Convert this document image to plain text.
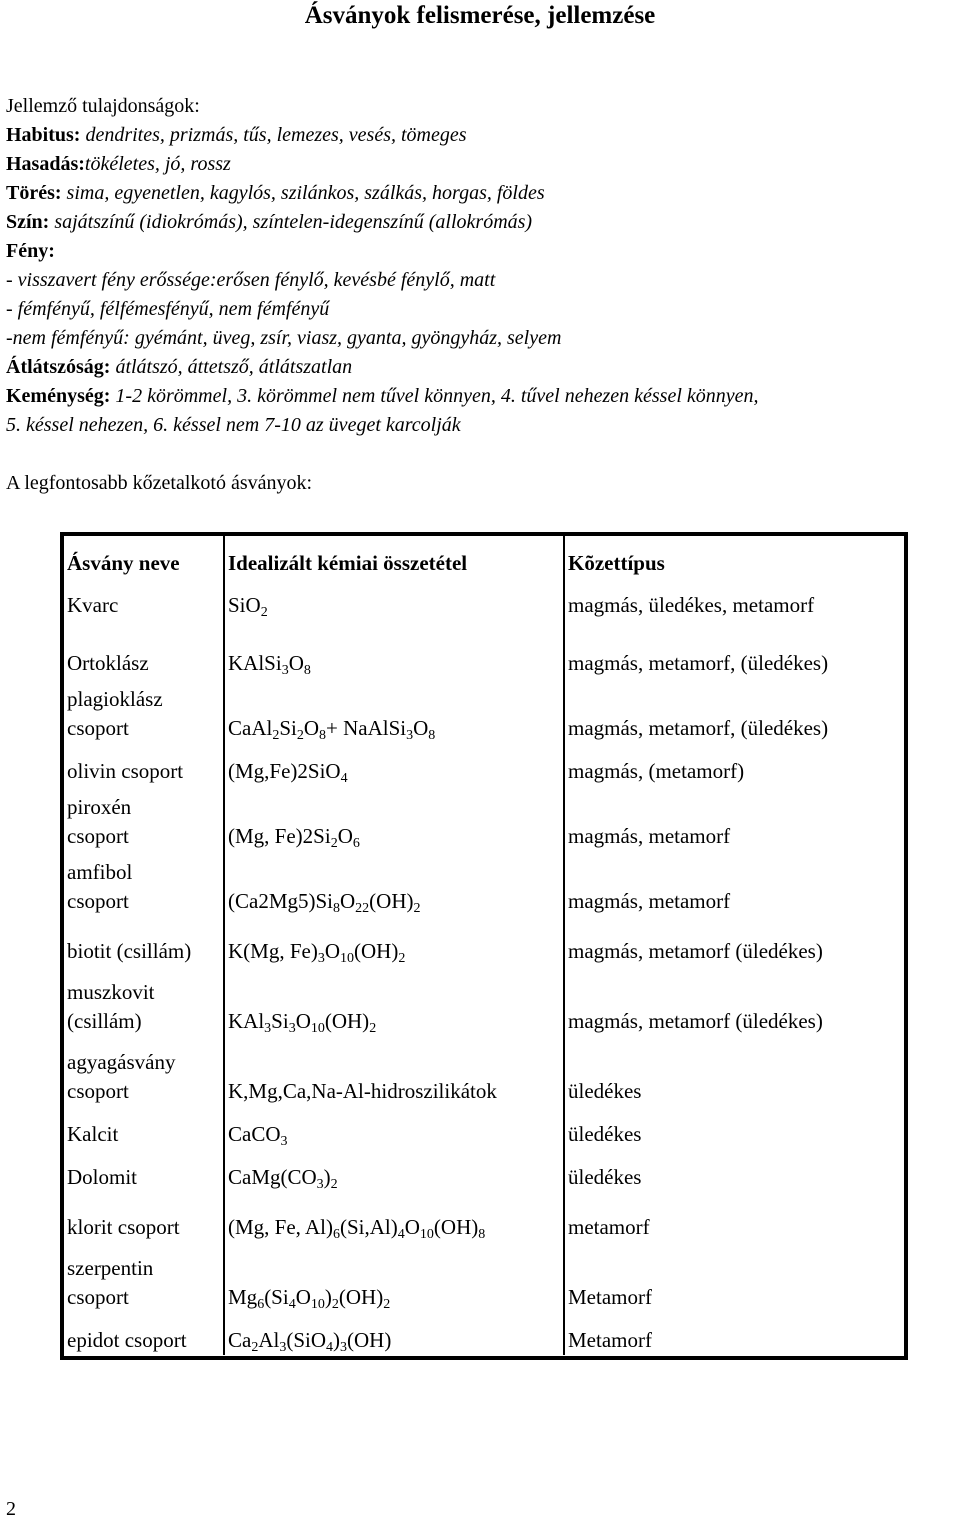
Ásványok felismerése, jellemzése
Jellemző tulajdonságok:
Habitus: dendrites, prizmás, tűs, lemezes, vesés, tömeges
Hasadás:tökéletes, jó, rossz
Törés: sima, egyenetlen, kagylós, szilánkos, szálkás, horgas, földes
Szín: sajátszínű (idiokrómás), színtelen-idegenszínű (allokrómás)
Fény:
- visszavert fény erőssége:erősen fénylő, kevésbé fénylő, matt
- fémfényű, félfémesfényű, nem fémfényű
-nem fémfényű: gyémánt, üveg, zsír, viasz, gyanta, gyöngyház, selyem
Átlátszóság: átlátszó, áttetsző, átlátszatlan
Keménység: 1-2 körömmel, 3. körömmel nem tűvel könnyen, 4. tűvel nehezen késsel könnyen,
5. késsel nehezen, 6. késsel nem 7-10 az üveget karcolják
A legfontosabb kőzetalkotó ásványok:
Ásvány neve	Idealizált kémiai összetétel	Kõzettípus

Kvarc	SiO$_2$	magmás, üledékes, metamorf

Ortoklász	$KAlSi_3O_8$	magmás, metamorf, (üledékes)

plagioklász
csoport	$CaAl_2Si_2O_8+$ $NaAlSi_3O_8$	magmás, metamorf, (üledékes)

olivin csoport	(Mg,Fe)2SiO$_4$	magmás, (metamorf)

piroxén
csoport	(Mg, $Fe)2Si_2O_6$	magmás, metamorf

amfibol
csoport	$(Ca2Mg5)Si_8O_{22}(OH)_2$	magmás, metamorf

biotit (csillám)	K(Mg, $Fe)_3O_{10}(OH)_2$	magmás, metamorf (üledékes)

muszkovit
(csillám)	$KAl_3Si_3O_{10}(OH)_2$	magmás, metamorf (üledékes)

agyagásvány
csoport	K,Mg,Ca,Na-Al-hidroszilikátok	üledékes

Kalcit	CaCO$_3$	üledékes

Dolomit	$CaMg(CO_3)_2$	üledékes

klorit csoport	(Mg, Fe, $Al)_6(Si,Al)_4O_{10}(OH)_8$	metamorf

szerpentin
csoport	$Mg_6(Si_4O_{10})_2(OH)_2$	Metamorf

epidot csoport	$Ca_2Al_3(SiO_4)_3(OH)$	Metamorf
2
